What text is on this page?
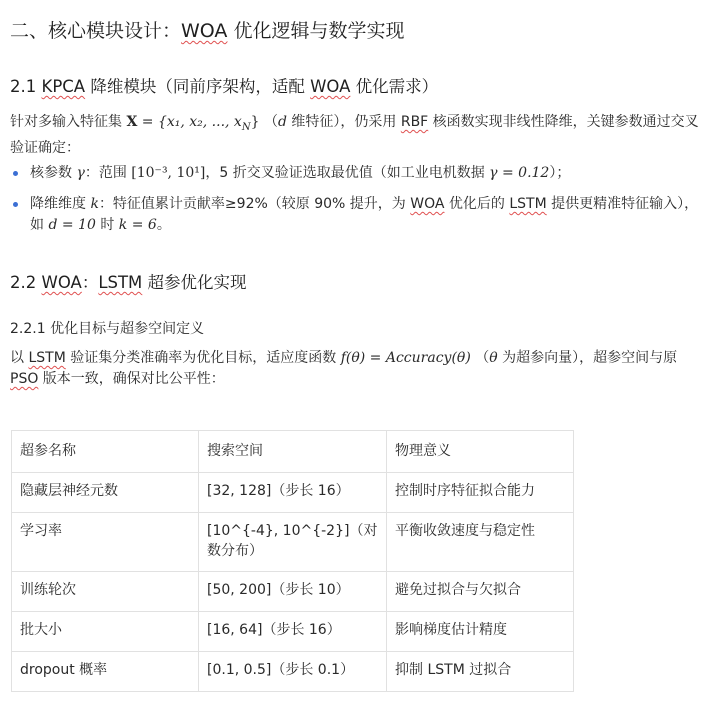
二、核心模块设计：WOA 优化逻辑与数学实现
2.1 KPCA 降维模块（同前序架构，适配 WOA 优化需求）
针对多输入特征集 X = {x₁, x₂, ..., $x_N$} （d 维特征），仍采用 RBF 核函数实现非线性降维，关键参数通过交叉验证确定：
核参数 γ：范围 [10⁻³, 10¹]，5 折交叉验证选取最优值（如工业电机数据 γ = 0.12）；
降维维度 k：特征值累计贡献率≥92%（较原 90% 提升，为 WOA 优化后的 LSTM 提供更精准特征输入），如 d = 10 时 k = 6。
2.2 WOA：LSTM 超参优化实现
2.2.1 优化目标与超参空间定义
以 LSTM 验证集分类准确率为优化目标，适应度函数 f(θ) = Accuracy(θ) （θ 为超参向量），超参空间与原 PSO 版本一致，确保对比公平性：
超参名称	搜索空间	物理意义
隐藏层神经元数	[32, 128]（步长 16）	控制时序特征拟合能力
学习率	[10^{-4}, 10^{-2}]（对数分布）	平衡收敛速度与稳定性
训练轮次	[50, 200]（步长 10）	避免过拟合与欠拟合
批大小	[16, 64]（步长 16）	影响梯度估计精度
dropout 概率	[0.1, 0.5]（步长 0.1）	抑制 LSTM 过拟合
